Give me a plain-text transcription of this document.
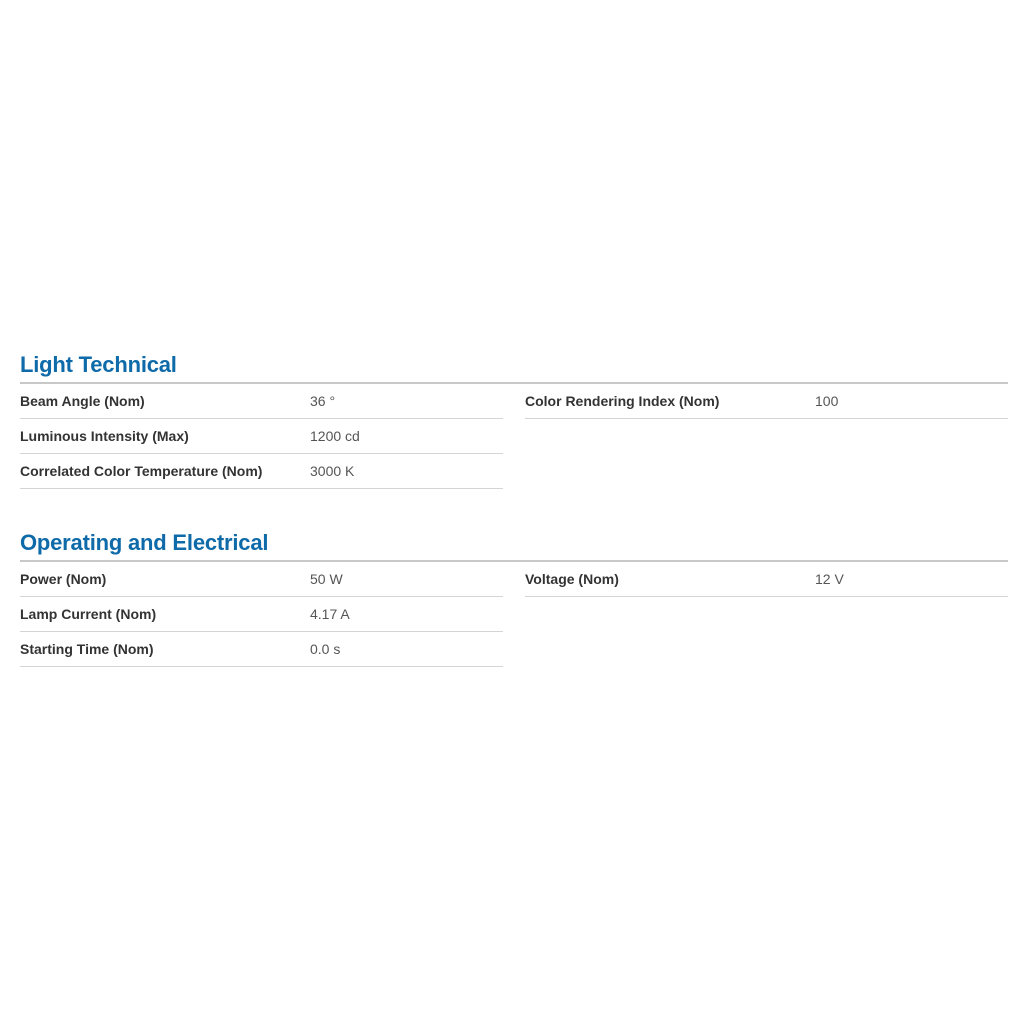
Light Technical
Beam Angle (Nom)	36 °
Luminous Intensity (Max)	1200 cd
Correlated Color Temperature (Nom)	3000 K
Color Rendering Index (Nom)	100
Operating and Electrical
Power (Nom)	50 W
Lamp Current (Nom)	4.17 A
Starting Time (Nom)	0.0 s
Voltage (Nom)	12 V
